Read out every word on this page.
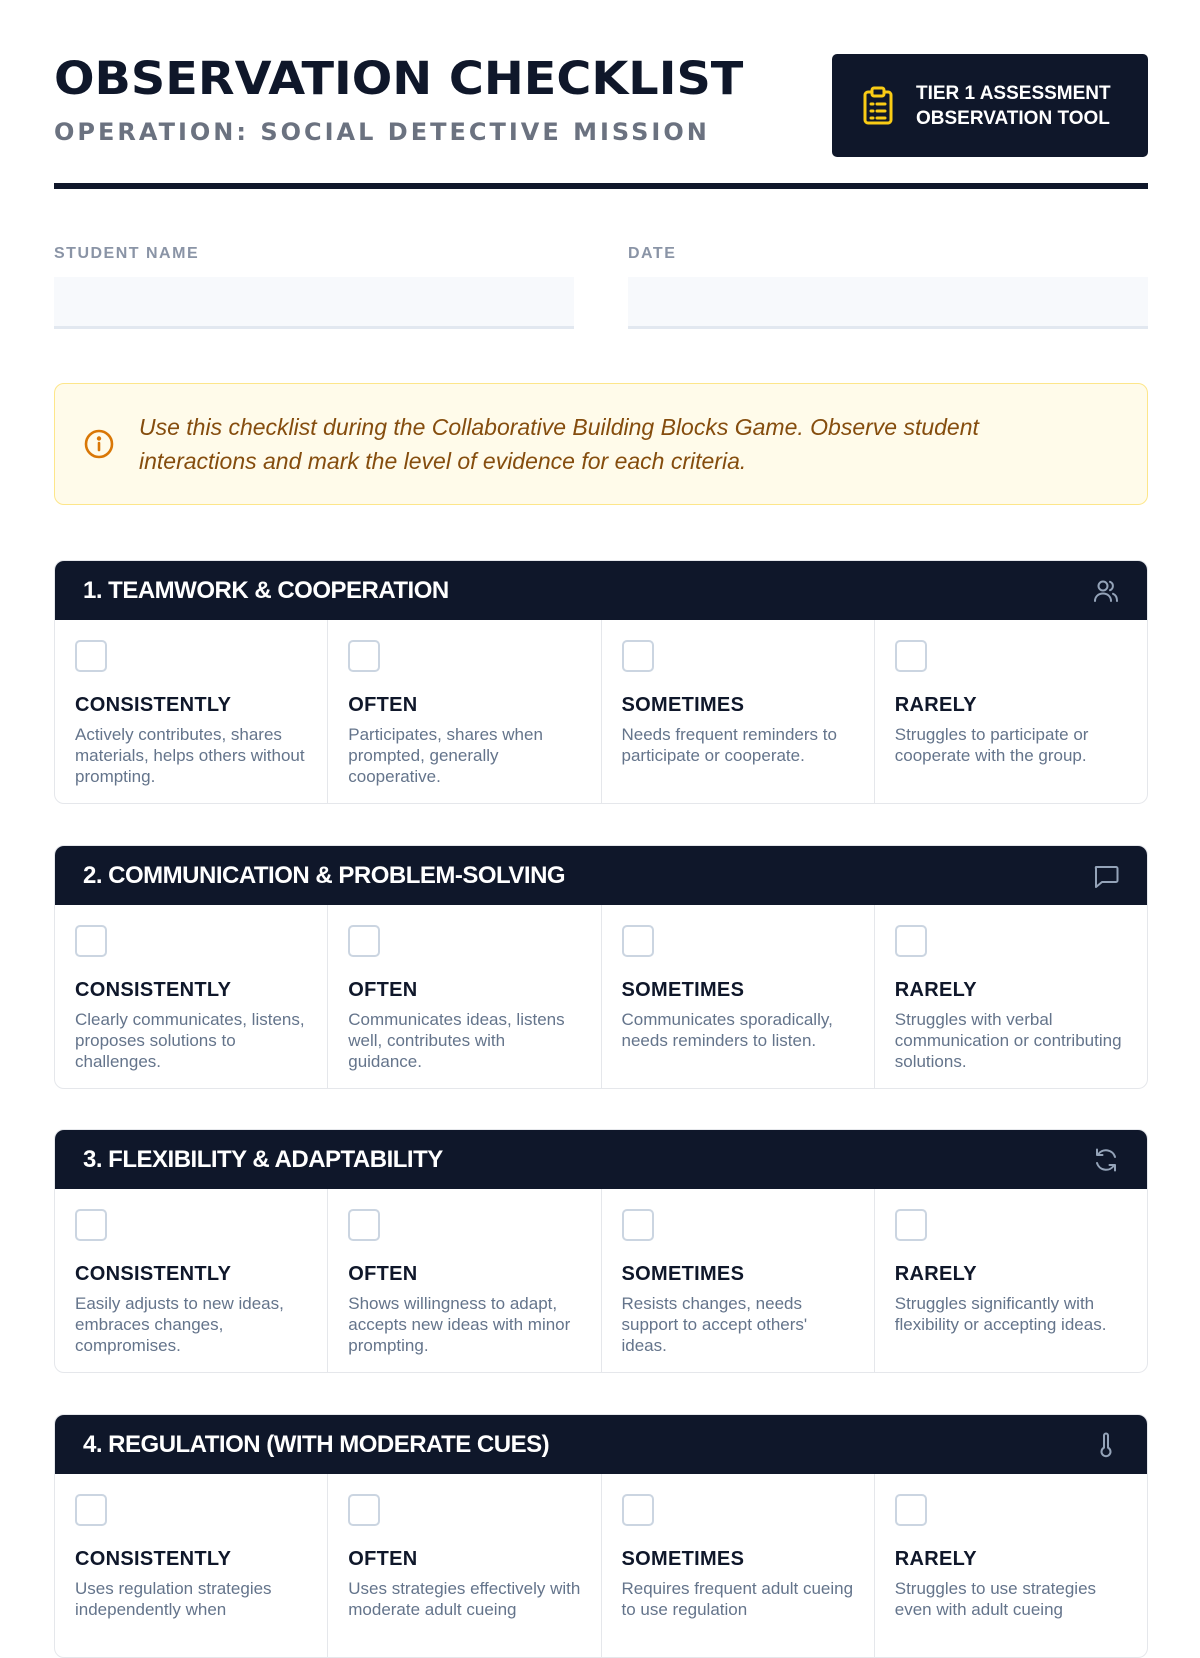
OBSERVATION CHECKLIST
OPERATION: SOCIAL DETECTIVE MISSION
TIER 1 ASSESSMENT
OBSERVATION TOOL
STUDENT NAME	DATE
Use this checklist during the Collaborative Building Blocks Game. Observe student interactions and mark the level of evidence for each criteria.
1. TEAMWORK & COOPERATION
CONSISTENTLY
Actively contributes, shares materials, helps others without prompting.
OFTEN
Participates, shares when prompted, generally cooperative.
SOMETIMES
Needs frequent reminders to participate or cooperate.
RARELY
Struggles to participate or cooperate with the group.
2. COMMUNICATION & PROBLEM-SOLVING
CONSISTENTLY
Clearly communicates, listens, proposes solutions to challenges.
OFTEN
Communicates ideas, listens well, contributes with guidance.
SOMETIMES
Communicates sporadically, needs reminders to listen.
RARELY
Struggles with verbal communication or contributing solutions.
3. FLEXIBILITY & ADAPTABILITY
CONSISTENTLY
Easily adjusts to new ideas, embraces changes, compromises.
OFTEN
Shows willingness to adapt, accepts new ideas with minor prompting.
SOMETIMES
Resists changes, needs support to accept others' ideas.
RARELY
Struggles significantly with flexibility or accepting ideas.
4. REGULATION (WITH MODERATE CUES)
CONSISTENTLY
Uses regulation strategies independently when
OFTEN
Uses strategies effectively with moderate adult cueing
SOMETIMES
Requires frequent adult cueing to use regulation
RARELY
Struggles to use strategies even with adult cueing
